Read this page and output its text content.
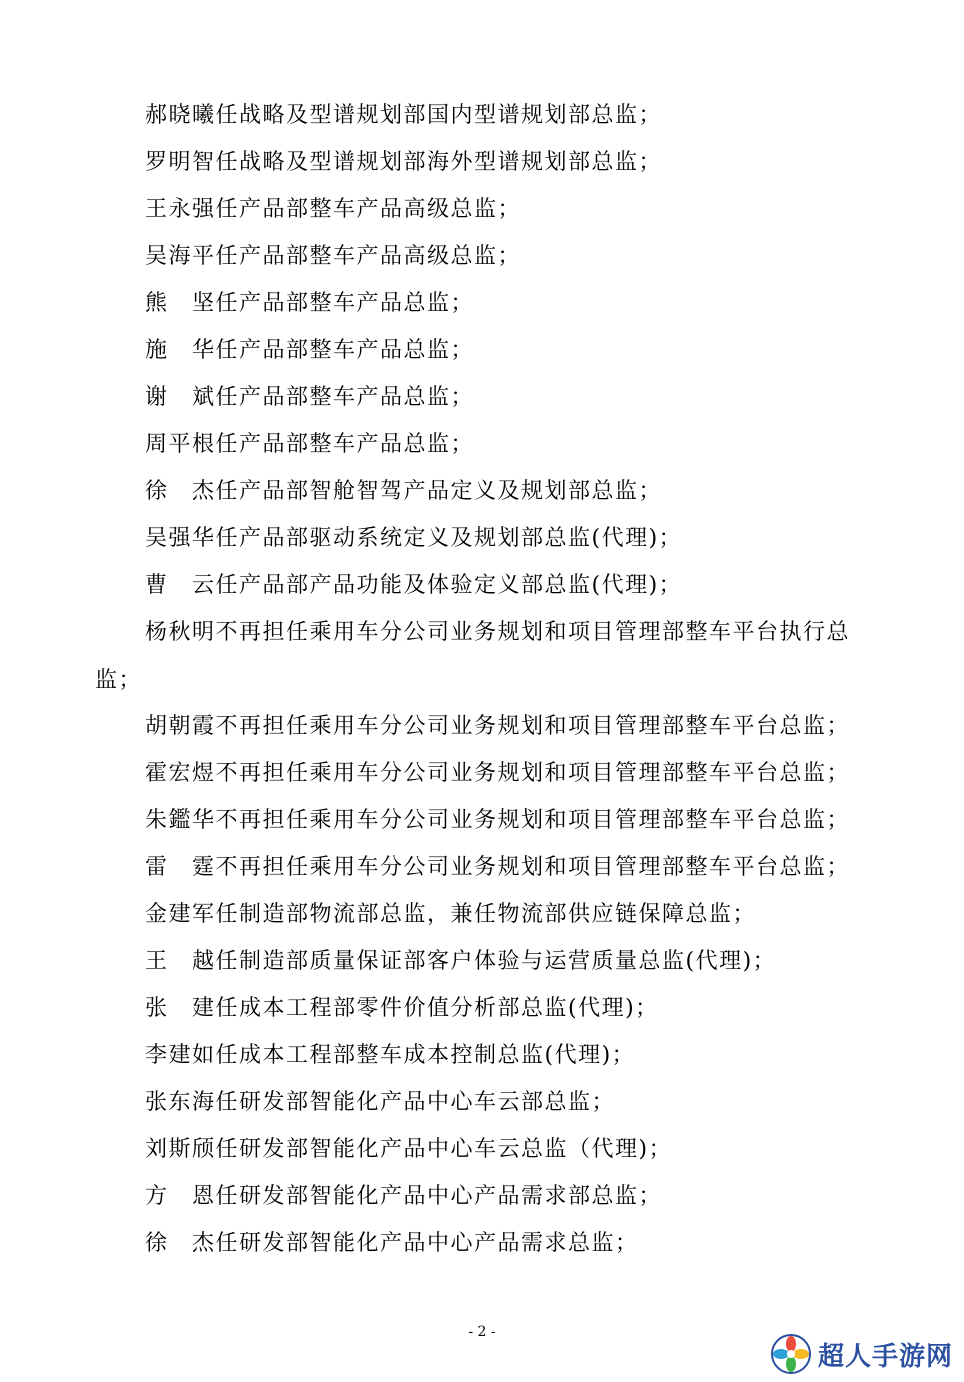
郝晓曦任战略及型谱规划部国内型谱规划部总监；

罗明智任战略及型谱规划部海外型谱规划部总监；

王永强任产品部整车产品高级总监；

吴海平任产品部整车产品高级总监；

熊　坚任产品部整车产品总监；

施　华任产品部整车产品总监；

谢　斌任产品部整车产品总监；

周平根任产品部整车产品总监；

徐　杰任产品部智舱智驾产品定义及规划部总监；

吴强华任产品部驱动系统定义及规划部总监(代理)；

曹　云任产品部产品功能及体验定义部总监(代理)；

杨秋明不再担任乘用车分公司业务规划和项目管理部整车平台执行总监；

胡朝霞不再担任乘用车分公司业务规划和项目管理部整车平台总监；

霍宏煜不再担任乘用车分公司业务规划和项目管理部整车平台总监；

朱鑑华不再担任乘用车分公司业务规划和项目管理部整车平台总监；

雷　霆不再担任乘用车分公司业务规划和项目管理部整车平台总监；

金建军任制造部物流部总监，兼任物流部供应链保障总监；

王　越任制造部质量保证部客户体验与运营质量总监(代理)；

张　建任成本工程部零件价值分析部总监(代理)；

李建如任成本工程部整车成本控制总监(代理)；

张东海任研发部智能化产品中心车云部总监；

刘斯颀任研发部智能化产品中心车云总监（代理)；

方　恩任研发部智能化产品中心产品需求部总监；

徐　杰任研发部智能化产品中心产品需求总监；

- 2 -
超人手游网
